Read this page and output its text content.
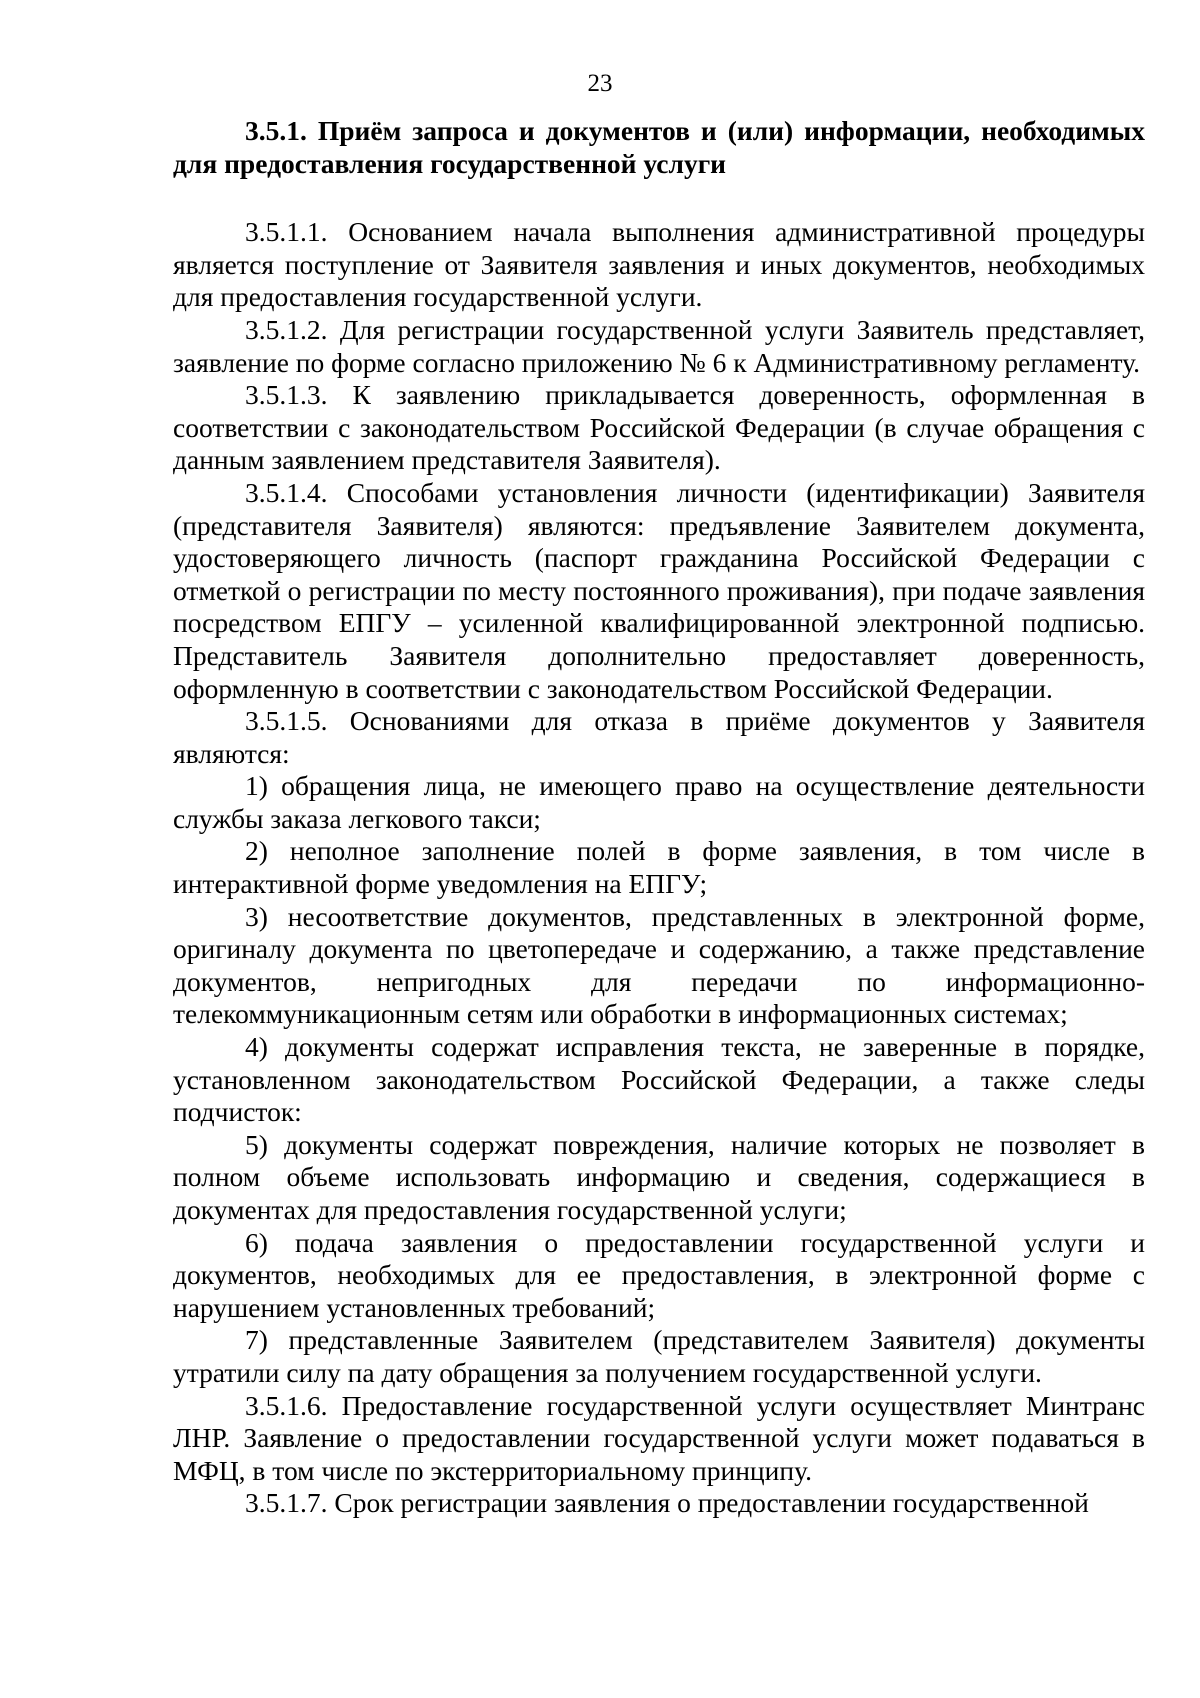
23

3.5.1. Приём запроса и документов и (или) информации, необходимых для предоставления государственной услуги

3.5.1.1. Основанием начала выполнения административной процедуры является поступление от Заявителя заявления и иных документов, необходимых для предоставления государственной услуги.

3.5.1.2. Для регистрации государственной услуги Заявитель представляет, заявление по форме согласно приложению № 6 к Административному регламенту.

3.5.1.3. К заявлению прикладывается доверенность, оформленная в соответствии с законодательством Российской Федерации (в случае обращения с данным заявлением представителя Заявителя).

3.5.1.4. Способами установления личности (идентификации) Заявителя (представителя Заявителя) являются: предъявление Заявителем документа, удостоверяющего личность (паспорт гражданина Российской Федерации с отметкой о регистрации по месту постоянного проживания), при подаче заявления посредством ЕПГУ – усиленной квалифицированной электронной подписью. Представитель Заявителя дополнительно предоставляет доверенность, оформленную в соответствии с законодательством Российской Федерации.

3.5.1.5. Основаниями для отказа в приёме документов у Заявителя являются:

1) обращения лица, не имеющего право на осуществление деятельности службы заказа легкового такси;

2) неполное заполнение полей в форме заявления, в том числе в интерактивной форме уведомления на ЕПГУ;

3) несоответствие документов, представленных в электронной форме, оригиналу документа по цветопередаче и содержанию, а также представление документов, непригодных для передачи по информационно-телекоммуникационным сетям или обработки в информационных системах;

4) документы содержат исправления текста, не заверенные в порядке, установленном законодательством Российской Федерации, а также следы подчисток:

5) документы содержат повреждения, наличие которых не позволяет в полном объеме использовать информацию и сведения, содержащиеся в документах для предоставления государственной услуги;

6) подача заявления о предоставлении государственной услуги и документов, необходимых для ее предоставления, в электронной форме с нарушением установленных требований;

7) представленные Заявителем (представителем Заявителя) документы утратили силу па дату обращения за получением государственной услуги.

3.5.1.6. Предоставление государственной услуги осуществляет Минтранс ЛНР. Заявление о предоставлении государственной услуги может подаваться в МФЦ, в том числе по экстерриториальному принципу.

3.5.1.7. Срок регистрации заявления о предоставлении государственной
